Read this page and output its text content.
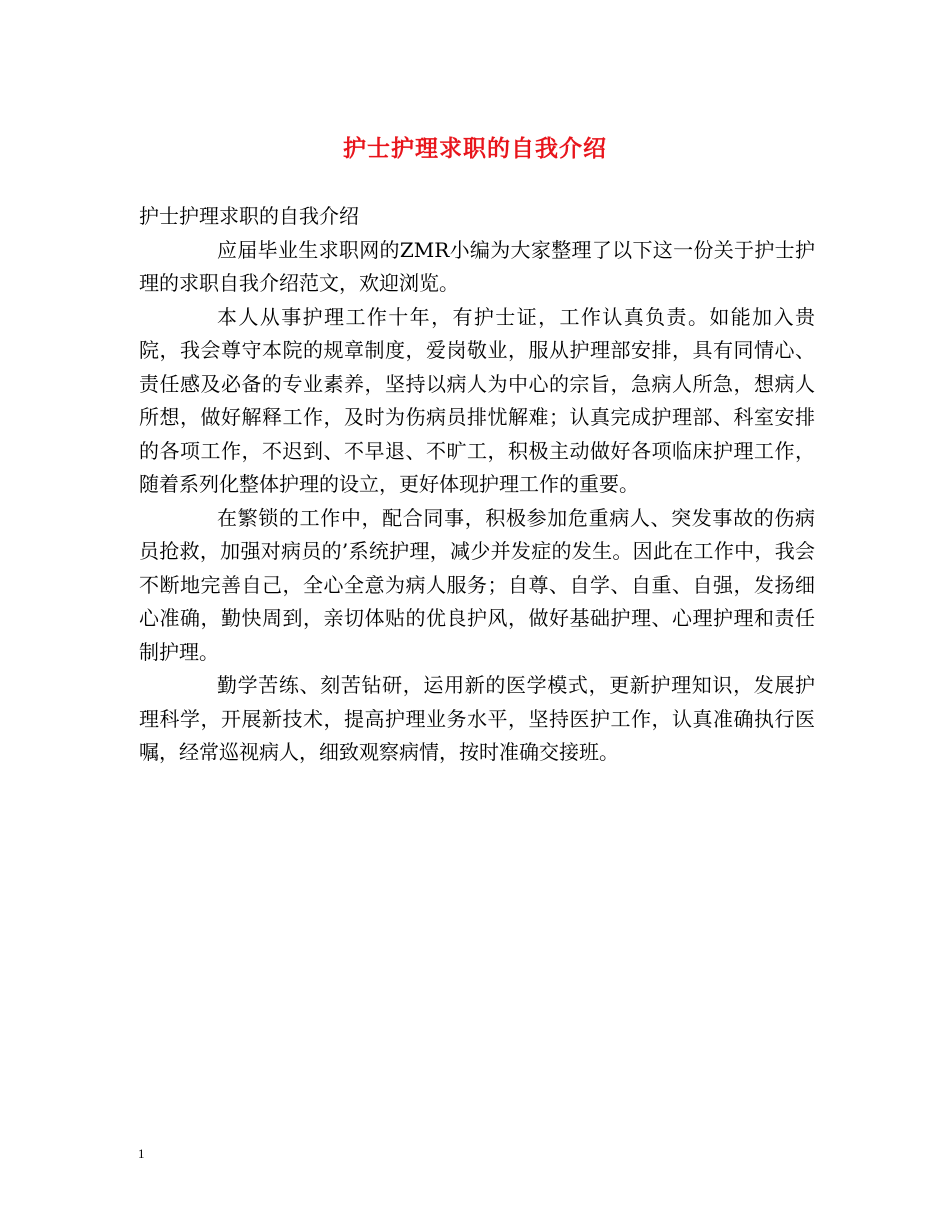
护士护理求职的自我介绍

护士护理求职的自我介绍

应届毕业生求职网的ZMR小编为大家整理了以下这一份关于护士护理的求职自我介绍范文，欢迎浏览。

本人从事护理工作十年，有护士证，工作认真负责。如能加入贵院，我会尊守本院的规章制度，爱岗敬业，服从护理部安排，具有同情心、责任感及必备的专业素养，坚持以病人为中心的宗旨，急病人所急，想病人所想，做好解释工作，及时为伤病员排忧解难；认真完成护理部、科室安排的各项工作，不迟到、不早退、不旷工，积极主动做好各项临床护理工作，随着系列化整体护理的设立，更好体现护理工作的重要。

在繁锁的工作中，配合同事，积极参加危重病人、突发事故的伤病员抢救，加强对病员的’系统护理，减少并发症的发生。因此在工作中，我会不断地完善自己，全心全意为病人服务；自尊、自学、自重、自强，发扬细心准确，勤快周到，亲切体贴的优良护风，做好基础护理、心理护理和责任制护理。

勤学苦练、刻苦钻研，运用新的医学模式，更新护理知识，发展护理科学，开展新技术，提高护理业务水平，坚持医护工作，认真准确执行医嘱，经常巡视病人，细致观察病情，按时准确交接班。

1
